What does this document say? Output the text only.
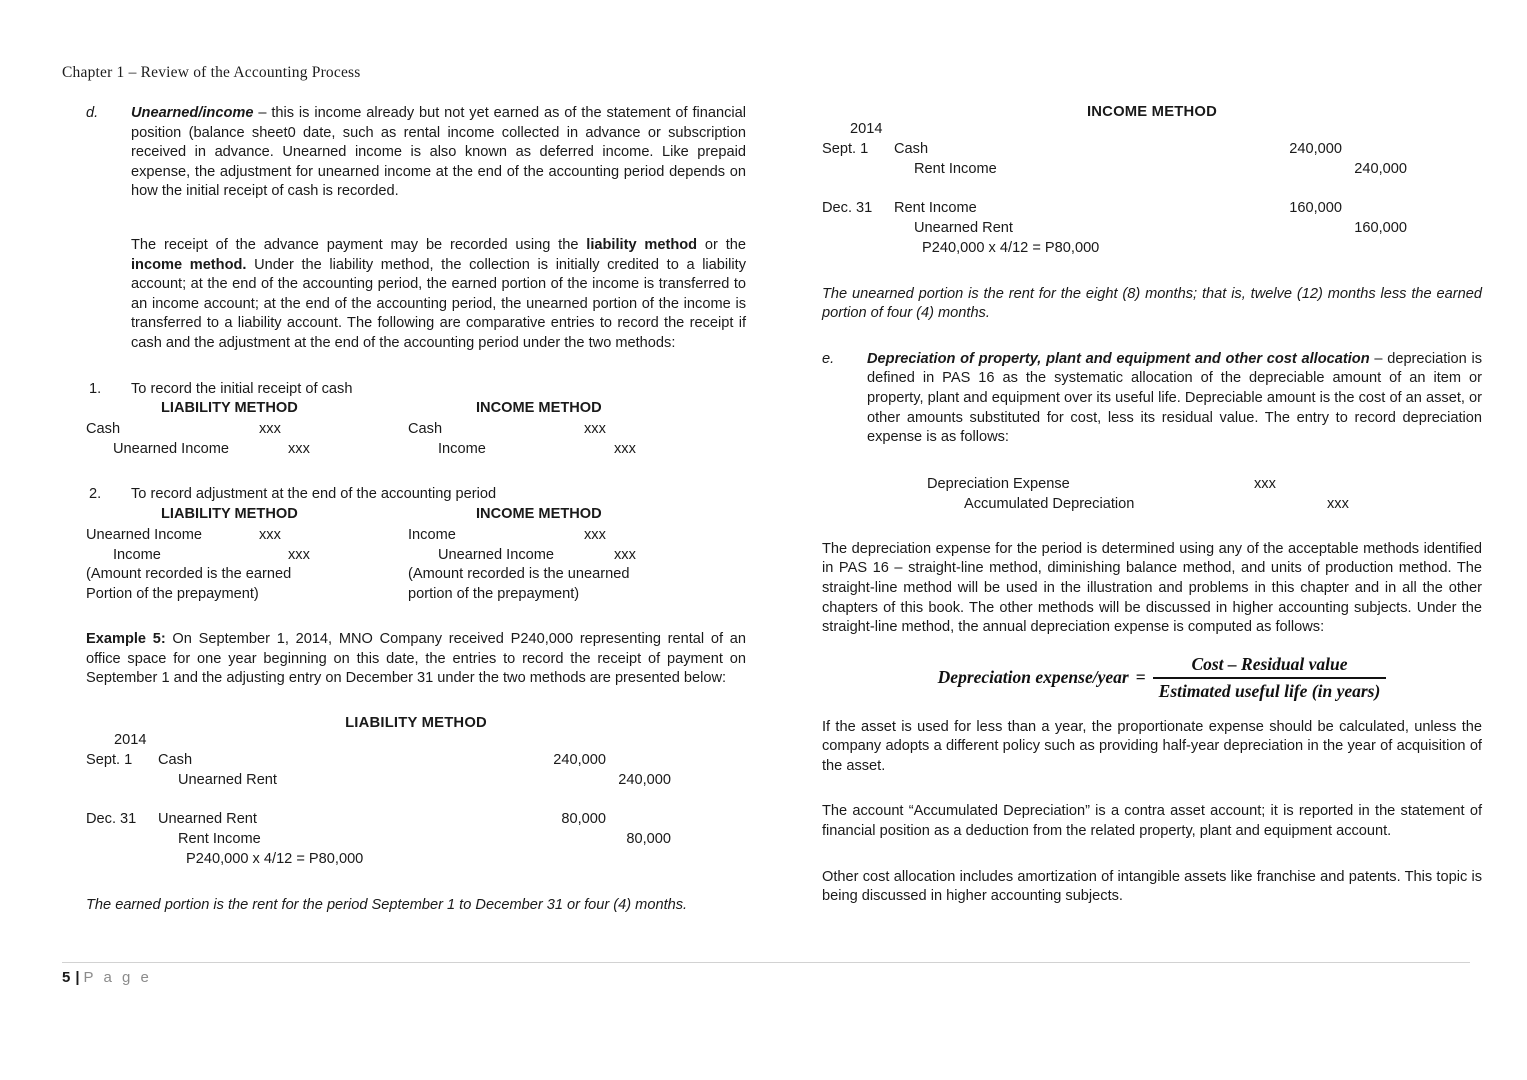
Chapter 1 – Review of the Accounting Process
d.	Unearned/income – this is income already but not yet earned as of the statement of financial position (balance sheet0 date, such as rental income collected in advance or subscription received in advance. Unearned income is also known as deferred income. Like prepaid expense, the adjustment for unearned income at the end of the accounting period depends on how the initial receipt of cash is recorded.
The receipt of the advance payment may be recorded using the liability method or the income method. Under the liability method, the collection is initially credited to a liability account; at the end of the accounting period, the earned portion of the income is transferred to an income account; at the end of the accounting period, the unearned portion of the income is transferred to a liability account. The following are comparative entries to record the receipt if cash and the adjustment at the end of the accounting period under the two methods:
1. To record the initial receipt of cash
LIABILITY METHOD	INCOME METHOD
Cash	xxx	Cash	xxx
Unearned Income	xxx	Income	xxx
2. To record adjustment at the end of the accounting period
LIABILITY METHOD	INCOME METHOD
Unearned Income	xxx	Income	xxx
Income	xxx	Unearned Income	xxx
(Amount recorded is the earned	(Amount recorded is the unearned
Portion of the prepayment)	portion of the prepayment)
Example 5: On September 1, 2014, MNO Company received P240,000 representing rental of an office space for one year beginning on this date, the entries to record the receipt of payment on September 1 and the adjusting entry on December 31 under the two methods are presented below:
LIABILITY METHOD
2014
Sept. 1 Cash	240,000
Unearned Rent	240,000
Dec. 31 Unearned Rent	80,000
Rent Income	80,000
P240,000 x 4/12 = P80,000
The earned portion is the rent for the period September 1 to December 31 or four (4) months.
INCOME METHOD
2014
Sept. 1 Cash	240,000
Rent Income	240,000
Dec. 31 Rent Income	160,000
Unearned Rent	160,000
P240,000 x 4/12 = P80,000
The unearned portion is the rent for the eight (8) months; that is, twelve (12) months less the earned portion of four (4) months.
e.	Depreciation of property, plant and equipment and other cost allocation – depreciation is defined in PAS 16 as the systematic allocation of the depreciable amount of an item or property, plant and equipment over its useful life. Depreciable amount is the cost of an asset, or other amounts substituted for cost, less its residual value. The entry to record depreciation expense is as follows:
Depreciation Expense	xxx
Accumulated Depreciation	xxx
The depreciation expense for the period is determined using any of the acceptable methods identified in PAS 16 – straight-line method, diminishing balance method, and units of production method. The straight-line method will be used in the illustration and problems in this chapter and in all the other chapters of this book. The other methods will be discussed in higher accounting subjects. Under the straight-line method, the annual depreciation expense is computed as follows:
Depreciation expense/year = $\frac{\text{Cost – Residual value}}{\text{Estimated useful life (in years)}}$
If the asset is used for less than a year, the proportionate expense should be calculated, unless the company adopts a different policy such as providing half-year depreciation in the year of acquisition of the asset.
The account “Accumulated Depreciation” is a contra asset account; it is reported in the statement of financial position as a deduction from the related property, plant and equipment account.
Other cost allocation includes amortization of intangible assets like franchise and patents. This topic is being discussed in higher accounting subjects.
5 | P a g e
